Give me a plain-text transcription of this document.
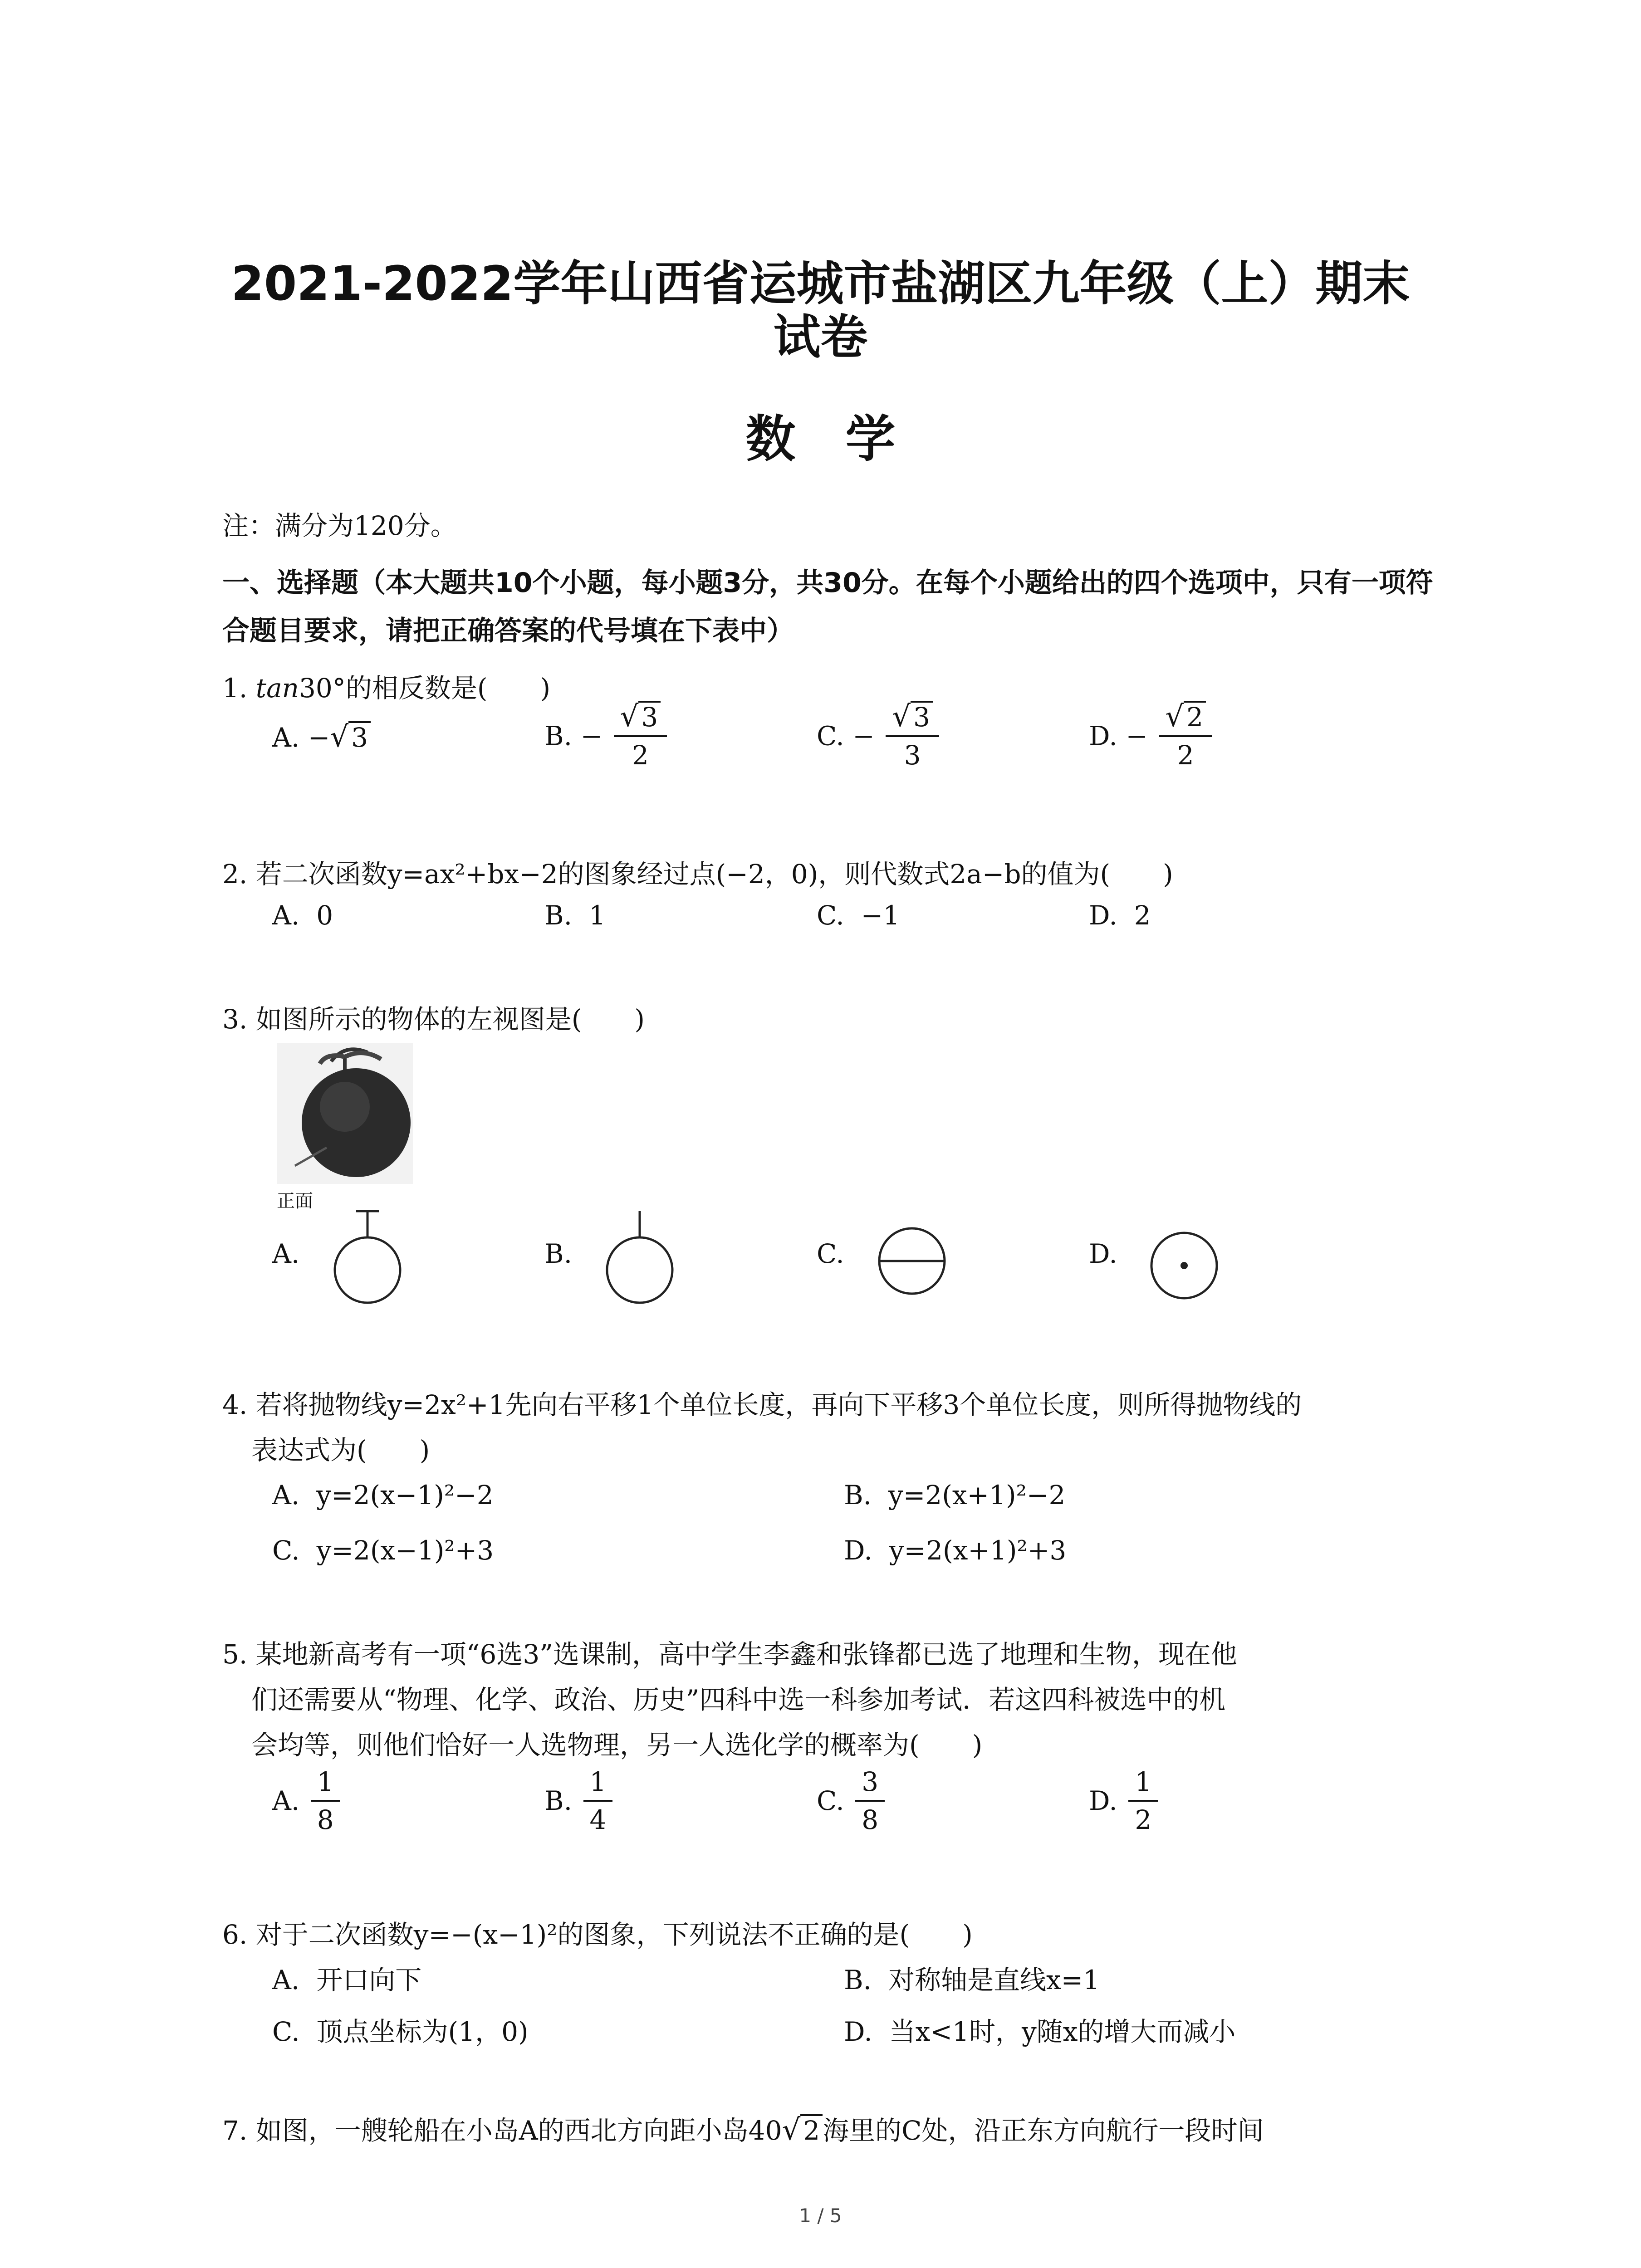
2021-2022学年山西省运城市盐湖区九年级（上）期末
试卷
数学
注：满分为120分。
一、选择题（本大题共10个小题，每小题3分，共30分。在每个小题给出的四个选项中，只有一项符合题目要求，请把正确答案的代号填在下表中）
1. tan30°的相反数是(　　)
A. −√ 3	B. − $\frac{√ 3}{2}$	C. − $\frac{√ 3}{3}$	D. − $\frac{√ 2}{2}$
2. 若二次函数y=ax²+bx−2的图象经过点(−2，0)，则代数式2a−b的值为(　　)
A. 0	B. 1	C. −1	D. 2
3. 如图所示的物体的左视图是(　　)
正面
A.	B.	C.	D.
4. 若将抛物线y=2x²+1先向右平移1个单位长度，再向下平移3个单位长度，则所得抛物线的
表达式为(　　)
A. y=2(x−1)²−2	B. y=2(x+1)²−2
C. y=2(x−1)²+3	D. y=2(x+1)²+3
5. 某地新高考有一项“6选3”选课制，高中学生李鑫和张锋都已选了地理和生物，现在他
们还需要从“物理、化学、政治、历史”四科中选一科参加考试．若这四科被选中的机
会均等，则他们恰好一人选物理，另一人选化学的概率为(　　)
A. $\frac{1}{8}$	B. $\frac{1}{4}$	C. $\frac{3}{8}$	D. $\frac{1}{2}$
6. 对于二次函数y=−(x−1)²的图象，下列说法不正确的是(　　)
A. 开口向下	B. 对称轴是直线x=1
C. 顶点坐标为(1，0)	D. 当x<1时，y随x的增大而减小
7. 如图，一艘轮船在小岛A的西北方向距小岛40√ 2 海里的C处，沿正东方向航行一段时间
1 / 5
